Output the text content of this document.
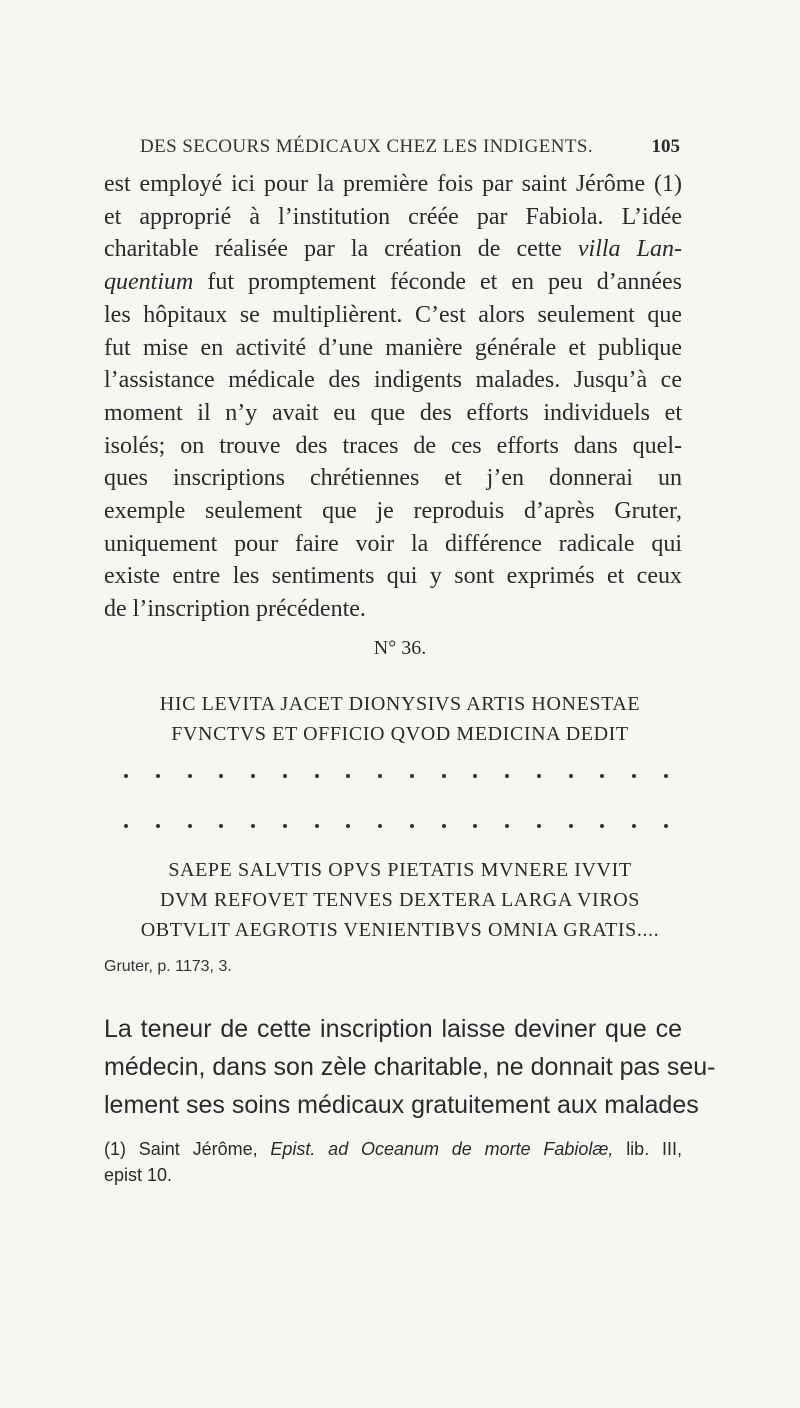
DES SECOURS MÉDICAUX CHEZ LES INDIGENTS.	105
est employé ici pour la première fois par saint Jérôme (1)
et approprié à l’institution créée par Fabiola. L’idée
charitable réalisée par la création de cette villa Lan-
quentium fut promptement féconde et en peu d’années
les hôpitaux se multiplièrent. C’est alors seulement que
fut mise en activité d’une manière générale et publique
l’assistance médicale des indigents malades. Jusqu’à ce
moment il n’y avait eu que des efforts individuels et
isolés; on trouve des traces de ces efforts dans quel-
ques inscriptions chrétiennes et j’en donnerai un
exemple seulement que je reproduis d’après Gruter,
uniquement pour faire voir la différence radicale qui
existe entre les sentiments qui y sont exprimés et ceux
de l’inscription précédente.
N° 36.
HIC LEVITA JACET DIONYSIVS ARTIS HONESTAE
FVNCTVS ET OFFICIO QVOD MEDICINA DEDIT
SAEPE SALVTIS OPVS PIETATIS MVNERE IVVIT
DVM REFOVET TENVES DEXTERA LARGA VIROS
OBTVLIT AEGROTIS VENIENTIBVS OMNIA GRATIS....
Gruter, p. 1173, 3.
La teneur de cette inscription laisse deviner que ce
médecin, dans son zèle charitable, ne donnait pas seu-
lement ses soins médicaux gratuitement aux malades
(1) Saint Jérôme, Epist. ad Oceanum de morte Fabiolæ, lib. III,
epist 10.
